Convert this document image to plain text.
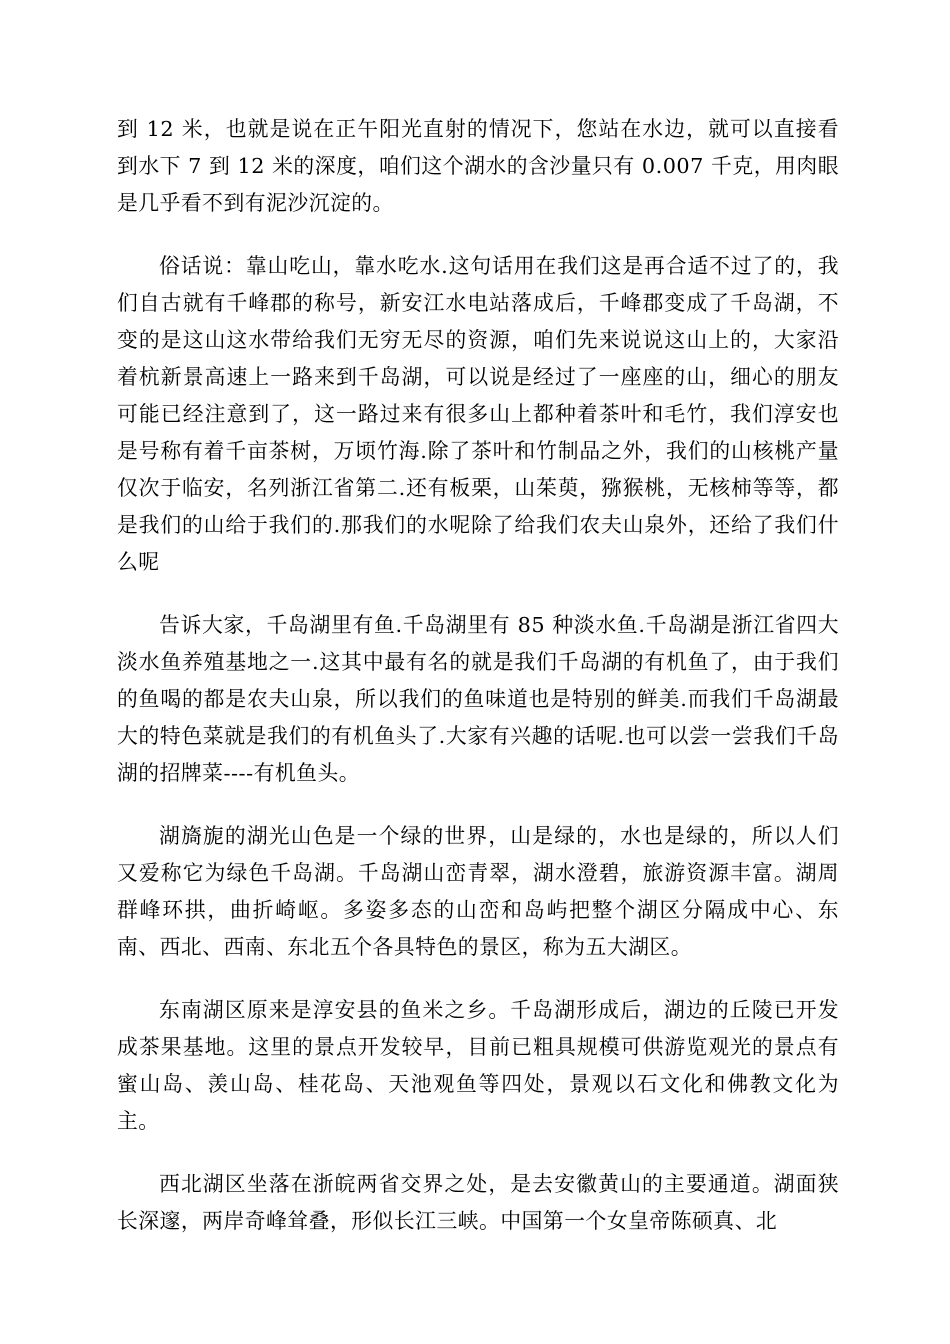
到 12 米，也就是说在正午阳光直射的情况下，您站在水边，就可以直接看到水下 7 到 12 米的深度，咱们这个湖水的含沙量只有 0.007 千克，用肉眼是几乎看不到有泥沙沉淀的。

俗话说：靠山吃山，靠水吃水.这句话用在我们这是再合适不过了的，我们自古就有千峰郡的称号，新安江水电站落成后，千峰郡变成了千岛湖，不变的是这山这水带给我们无穷无尽的资源，咱们先来说说这山上的，大家沿着杭新景高速上一路来到千岛湖，可以说是经过了一座座的山，细心的朋友可能已经注意到了，这一路过来有很多山上都种着茶叶和毛竹，我们淳安也是号称有着千亩茶树，万顷竹海.除了茶叶和竹制品之外，我们的山核桃产量仅次于临安，名列浙江省第二.还有板栗，山茱萸，猕猴桃，无核柿等等，都是我们的山给于我们的.那我们的水呢除了给我们农夫山泉外，还给了我们什么呢

告诉大家，千岛湖里有鱼.千岛湖里有 85 种淡水鱼.千岛湖是浙江省四大淡水鱼养殖基地之一.这其中最有名的就是我们千岛湖的有机鱼了，由于我们的鱼喝的都是农夫山泉，所以我们的鱼味道也是特别的鲜美.而我们千岛湖最大的特色菜就是我们的有机鱼头了.大家有兴趣的话呢.也可以尝一尝我们千岛湖的招牌菜----有机鱼头。

湖旖旎的湖光山色是一个绿的世界，山是绿的，水也是绿的，所以人们又爱称它为绿色千岛湖。千岛湖山峦青翠，湖水澄碧，旅游资源丰富。湖周群峰环拱，曲折崎岖。多姿多态的山峦和岛屿把整个湖区分隔成中心、东南、西北、西南、东北五个各具特色的景区，称为五大湖区。

东南湖区原来是淳安县的鱼米之乡。千岛湖形成后，湖边的丘陵已开发成茶果基地。这里的景点开发较早，目前已粗具规模可供游览观光的景点有蜜山岛、羡山岛、桂花岛、天池观鱼等四处，景观以石文化和佛教文化为主。

西北湖区坐落在浙皖两省交界之处，是去安徽黄山的主要通道。湖面狭长深邃，两岸奇峰耸叠，形似长江三峡。中国第一个女皇帝陈硕真、北
